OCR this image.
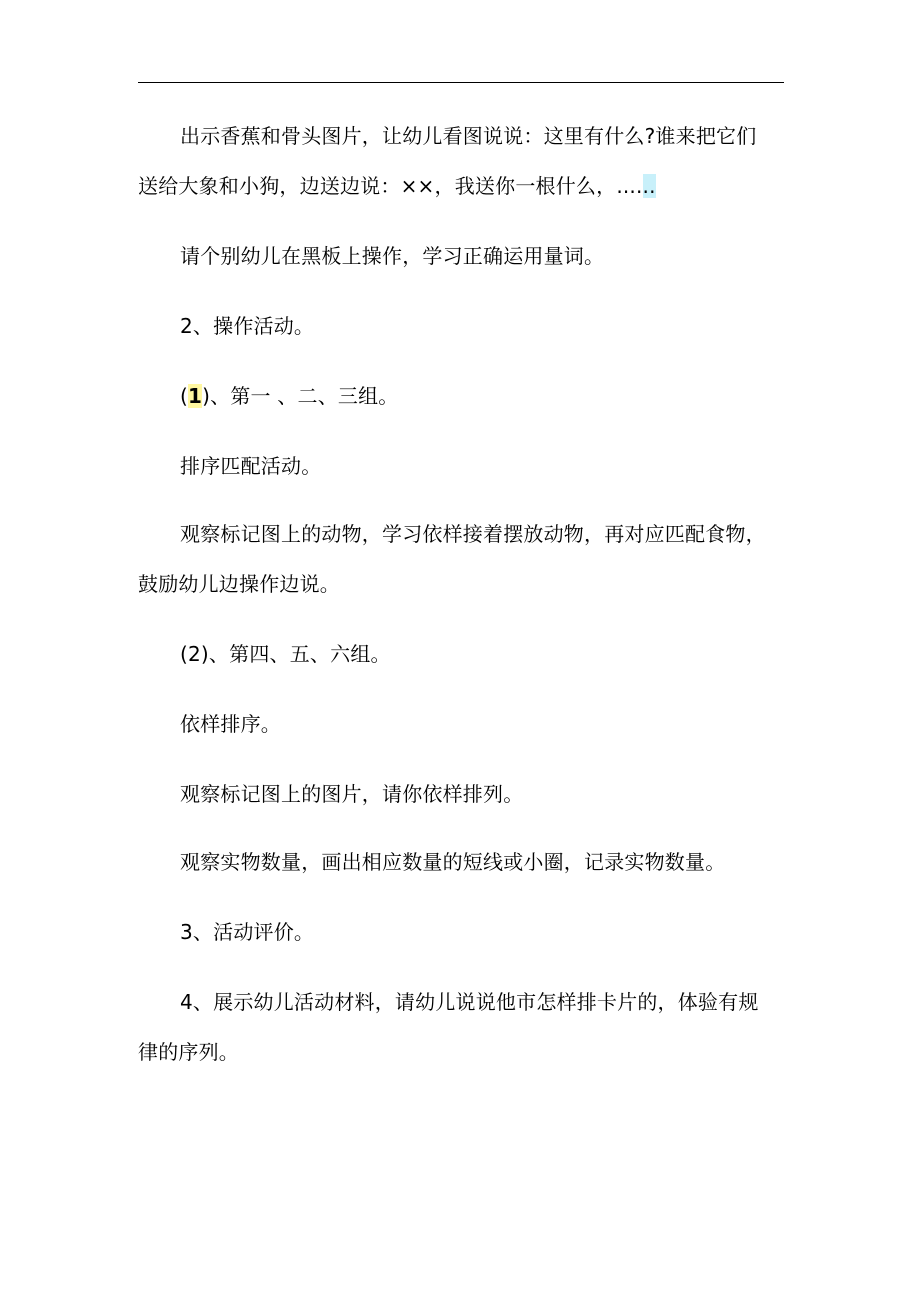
出示香蕉和骨头图片，让幼儿看图说说：这里有什么?谁来把它们
送给大象和小狗，边送边说：××，我送你一根什么，......
请个别幼儿在黑板上操作，学习正确运用量词。
2、操作活动。
(1)、第一 、二、三组。
排序匹配活动。
观察标记图上的动物，学习依样接着摆放动物，再对应匹配食物，
鼓励幼儿边操作边说。
(2)、第四、五、六组。
依样排序。
观察标记图上的图片，请你依样排列。
观察实物数量，画出相应数量的短线或小圈，记录实物数量。
3、活动评价。
4、展示幼儿活动材料，请幼儿说说他市怎样排卡片的，体验有规
律的序列。
